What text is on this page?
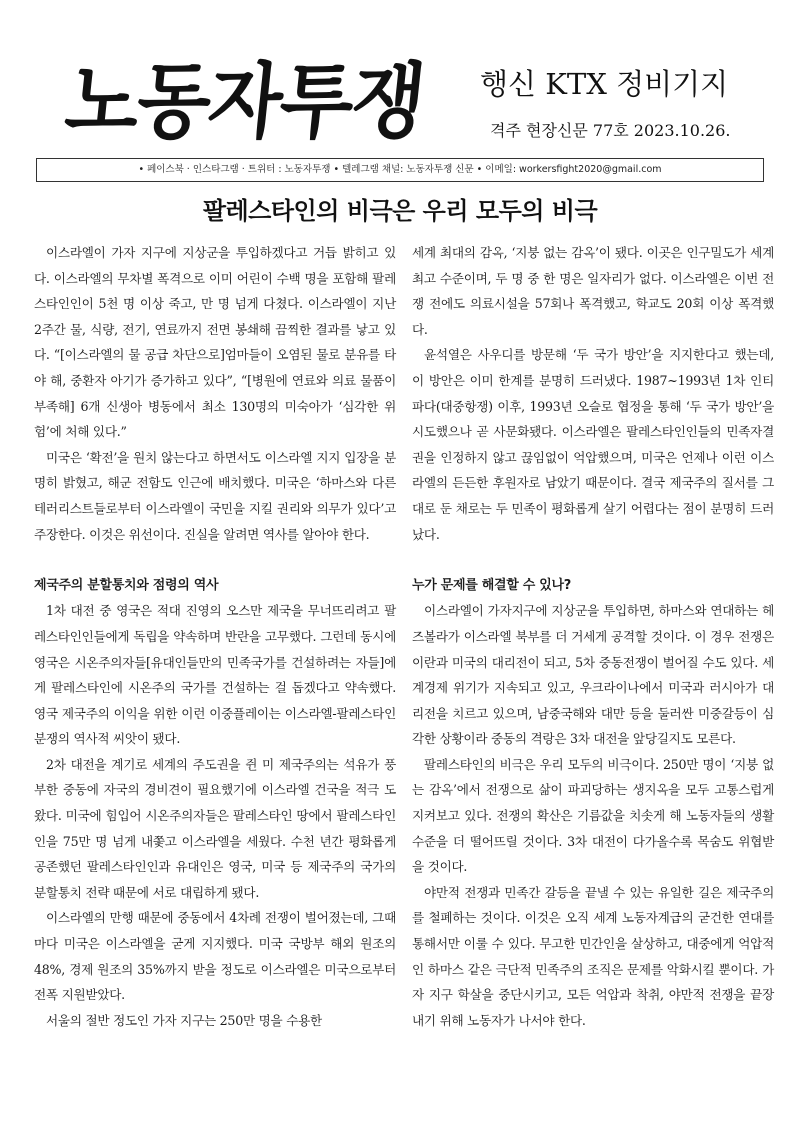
노동자투쟁 행신 KTX 정비기지
격주 현장신문 77호 2023.10.26.
• 페이스북 · 인스타그램 · 트위터 : 노동자투쟁 • 텔레그램 채널: 노동자투쟁 신문 • 이메일: workersfight2020@gmail.com
팔레스타인의 비극은 우리 모두의 비극

이스라엘이 가자 지구에 지상군을 투입하겠다고 거듭 밝히고 있다. 이스라엘의 무차별 폭격으로 이미 어린이 수백 명을 포함해 팔레스타인인이 5천 명 이상 죽고, 만 명 넘게 다쳤다. 이스라엘이 지난 2주간 물, 식량, 전기, 연료까지 전면 봉쇄해 끔찍한 결과를 낳고 있다. “[이스라엘의 물 공급 차단으로]엄마들이 오염된 물로 분유를 타야 해, 중환자 아기가 증가하고 있다”, “[병원에 연료와 의료 물품이 부족해] 6개 신생아 병동에서 최소 130명의 미숙아가 ‘심각한 위험’에 처해 있다.”

미국은 ‘확전’을 원치 않는다고 하면서도 이스라엘 지지 입장을 분명히 밝혔고, 해군 전함도 인근에 배치했다. 미국은 ‘하마스와 다른 테러리스트들로부터 이스라엘이 국민을 지킬 권리와 의무가 있다’고 주장한다. 이것은 위선이다. 진실을 알려면 역사를 알아야 한다.

제국주의 분할통치와 점령의 역사

1차 대전 중 영국은 적대 진영의 오스만 제국을 무너뜨리려고 팔레스타인인들에게 독립을 약속하며 반란을 고무했다. 그런데 동시에 영국은 시온주의자들[유대인들만의 민족국가를 건설하려는 자들]에게 팔레스타인에 시온주의 국가를 건설하는 걸 돕겠다고 약속했다. 영국 제국주의 이익을 위한 이런 이중플레이는 이스라엘-팔레스타인 분쟁의 역사적 씨앗이 됐다.

2차 대전을 계기로 세계의 주도권을 쥔 미 제국주의는 석유가 풍부한 중동에 자국의 경비견이 필요했기에 이스라엘 건국을 적극 도왔다. 미국에 힘입어 시온주의자들은 팔레스타인 땅에서 팔레스타인인을 75만 명 넘게 내쫓고 이스라엘을 세웠다. 수천 년간 평화롭게 공존했던 팔레스타인인과 유대인은 영국, 미국 등 제국주의 국가의 분할통치 전략 때문에 서로 대립하게 됐다.

이스라엘의 만행 때문에 중동에서 4차례 전쟁이 벌어졌는데, 그때마다 미국은 이스라엘을 굳게 지지했다. 미국 국방부 해외 원조의 48%, 경제 원조의 35%까지 받을 정도로 이스라엘은 미국으로부터 전폭 지원받았다.

서울의 절반 정도인 가자 지구는 250만 명을 수용한

세계 최대의 감옥, ‘지붕 없는 감옥’이 됐다. 이곳은 인구밀도가 세계 최고 수준이며, 두 명 중 한 명은 일자리가 없다. 이스라엘은 이번 전쟁 전에도 의료시설을 57회나 폭격했고, 학교도 20회 이상 폭격했다.

윤석열은 사우디를 방문해 ‘두 국가 방안’을 지지한다고 했는데, 이 방안은 이미 한계를 분명히 드러냈다. 1987~1993년 1차 인티파다(대중항쟁) 이후, 1993년 오슬로 협정을 통해 ‘두 국가 방안’을 시도했으나 곧 사문화됐다. 이스라엘은 팔레스타인인들의 민족자결권을 인정하지 않고 끊임없이 억압했으며, 미국은 언제나 이런 이스라엘의 든든한 후원자로 남았기 때문이다. 결국 제국주의 질서를 그대로 둔 채로는 두 민족이 평화롭게 살기 어렵다는 점이 분명히 드러났다.

누가 문제를 해결할 수 있나?

이스라엘이 가자지구에 지상군을 투입하면, 하마스와 연대하는 헤즈볼라가 이스라엘 북부를 더 거세게 공격할 것이다. 이 경우 전쟁은 이란과 미국의 대리전이 되고, 5차 중동전쟁이 벌어질 수도 있다. 세계경제 위기가 지속되고 있고, 우크라이나에서 미국과 러시아가 대리전을 치르고 있으며, 남중국해와 대만 등을 둘러싼 미중갈등이 심각한 상황이라 중동의 격랑은 3차 대전을 앞당길지도 모른다.

팔레스타인의 비극은 우리 모두의 비극이다. 250만 명이 ‘지붕 없는 감옥’에서 전쟁으로 삶이 파괴당하는 생지옥을 모두 고통스럽게 지켜보고 있다. 전쟁의 확산은 기름값을 치솟게 해 노동자들의 생활수준을 더 떨어뜨릴 것이다. 3차 대전이 다가올수록 목숨도 위협받을 것이다.

야만적 전쟁과 민족간 갈등을 끝낼 수 있는 유일한 길은 제국주의를 철폐하는 것이다. 이것은 오직 세계 노동자계급의 굳건한 연대를 통해서만 이룰 수 있다. 무고한 민간인을 살상하고, 대중에게 억압적인 하마스 같은 극단적 민족주의 조직은 문제를 악화시킬 뿐이다. 가자 지구 학살을 중단시키고, 모든 억압과 착취, 야만적 전쟁을 끝장내기 위해 노동자가 나서야 한다.
